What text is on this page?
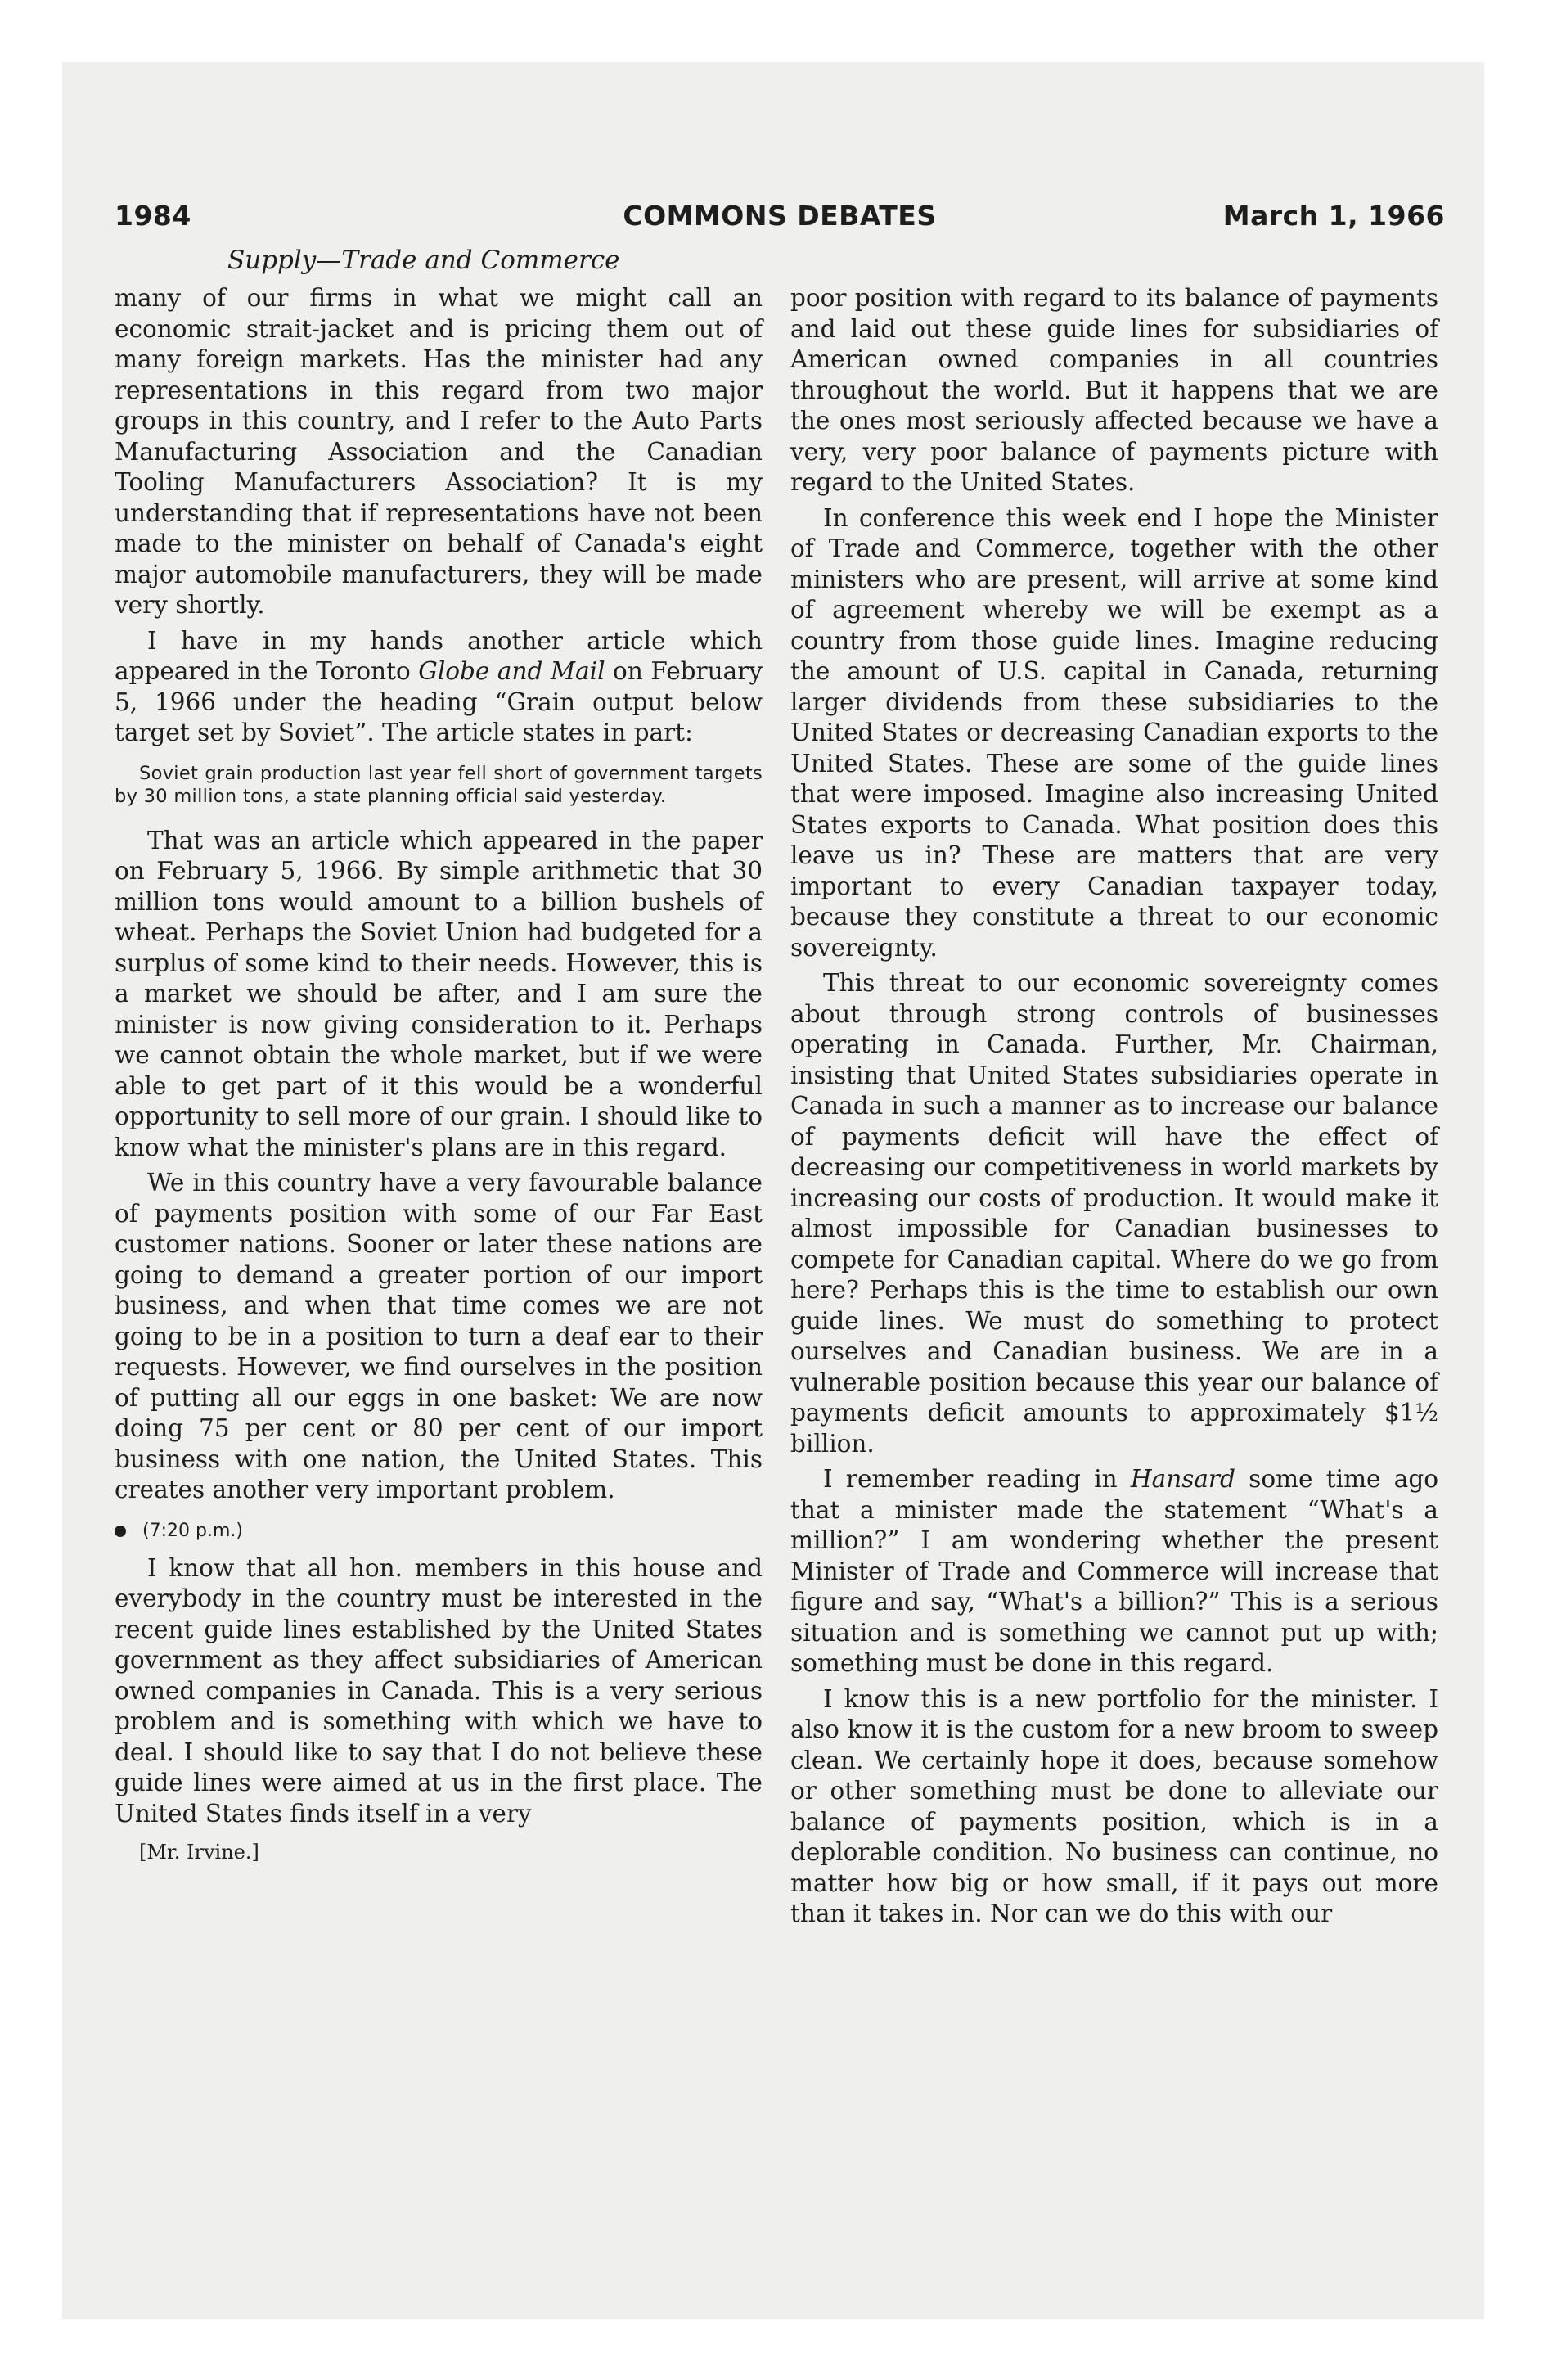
1984	COMMONS DEBATES	March 1, 1966
Supply—Trade and Commerce

many of our firms in what we might call an economic strait-jacket and is pricing them out of many foreign markets. Has the minister had any representations in this regard from two major groups in this country, and I refer to the Auto Parts Manufacturing Association and the Canadian Tooling Manufacturers Association? It is my understanding that if representations have not been made to the minister on behalf of Canada's eight major automobile manufacturers, they will be made very shortly.

I have in my hands another article which appeared in the Toronto Globe and Mail on February 5, 1966 under the heading “Grain output below target set by Soviet”. The article states in part:

Soviet grain production last year fell short of government targets by 30 million tons, a state planning official said yesterday.

That was an article which appeared in the paper on February 5, 1966. By simple arithmetic that 30 million tons would amount to a billion bushels of wheat. Perhaps the Soviet Union had budgeted for a surplus of some kind to their needs. However, this is a market we should be after, and I am sure the minister is now giving consideration to it. Perhaps we cannot obtain the whole market, but if we were able to get part of it this would be a wonderful opportunity to sell more of our grain. I should like to know what the minister's plans are in this regard.

We in this country have a very favourable balance of payments position with some of our Far East customer nations. Sooner or later these nations are going to demand a greater portion of our import business, and when that time comes we are not going to be in a position to turn a deaf ear to their requests. However, we find ourselves in the position of putting all our eggs in one basket: We are now doing 75 per cent or 80 per cent of our import business with one nation, the United States. This creates another very important problem.

(7:20 p.m.)

I know that all hon. members in this house and everybody in the country must be interested in the recent guide lines established by the United States government as they affect subsidiaries of American owned companies in Canada. This is a very serious problem and is something with which we have to deal. I should like to say that I do not believe these guide lines were aimed at us in the first place. The United States finds itself in a very

[Mr. Irvine.]

poor position with regard to its balance of payments and laid out these guide lines for subsidiaries of American owned companies in all countries throughout the world. But it happens that we are the ones most seriously affected because we have a very, very poor balance of payments picture with regard to the United States.

In conference this week end I hope the Minister of Trade and Commerce, together with the other ministers who are present, will arrive at some kind of agreement whereby we will be exempt as a country from those guide lines. Imagine reducing the amount of U.S. capital in Canada, returning larger dividends from these subsidiaries to the United States or decreasing Canadian exports to the United States. These are some of the guide lines that were imposed. Imagine also increasing United States exports to Canada. What position does this leave us in? These are matters that are very important to every Canadian taxpayer today, because they constitute a threat to our economic sovereignty.

This threat to our economic sovereignty comes about through strong controls of businesses operating in Canada. Further, Mr. Chairman, insisting that United States subsidiaries operate in Canada in such a manner as to increase our balance of payments deficit will have the effect of decreasing our competitiveness in world markets by increasing our costs of production. It would make it almost impossible for Canadian businesses to compete for Canadian capital. Where do we go from here? Perhaps this is the time to establish our own guide lines. We must do something to protect ourselves and Canadian business. We are in a vulnerable position because this year our balance of payments deficit amounts to approximately $1½ billion.

I remember reading in Hansard some time ago that a minister made the statement “What's a million?” I am wondering whether the present Minister of Trade and Commerce will increase that figure and say, “What's a billion?” This is a serious situation and is something we cannot put up with; something must be done in this regard.

I know this is a new portfolio for the minister. I also know it is the custom for a new broom to sweep clean. We certainly hope it does, because somehow or other something must be done to alleviate our balance of payments position, which is in a deplorable condition. No business can continue, no matter how big or how small, if it pays out more than it takes in. Nor can we do this with our
